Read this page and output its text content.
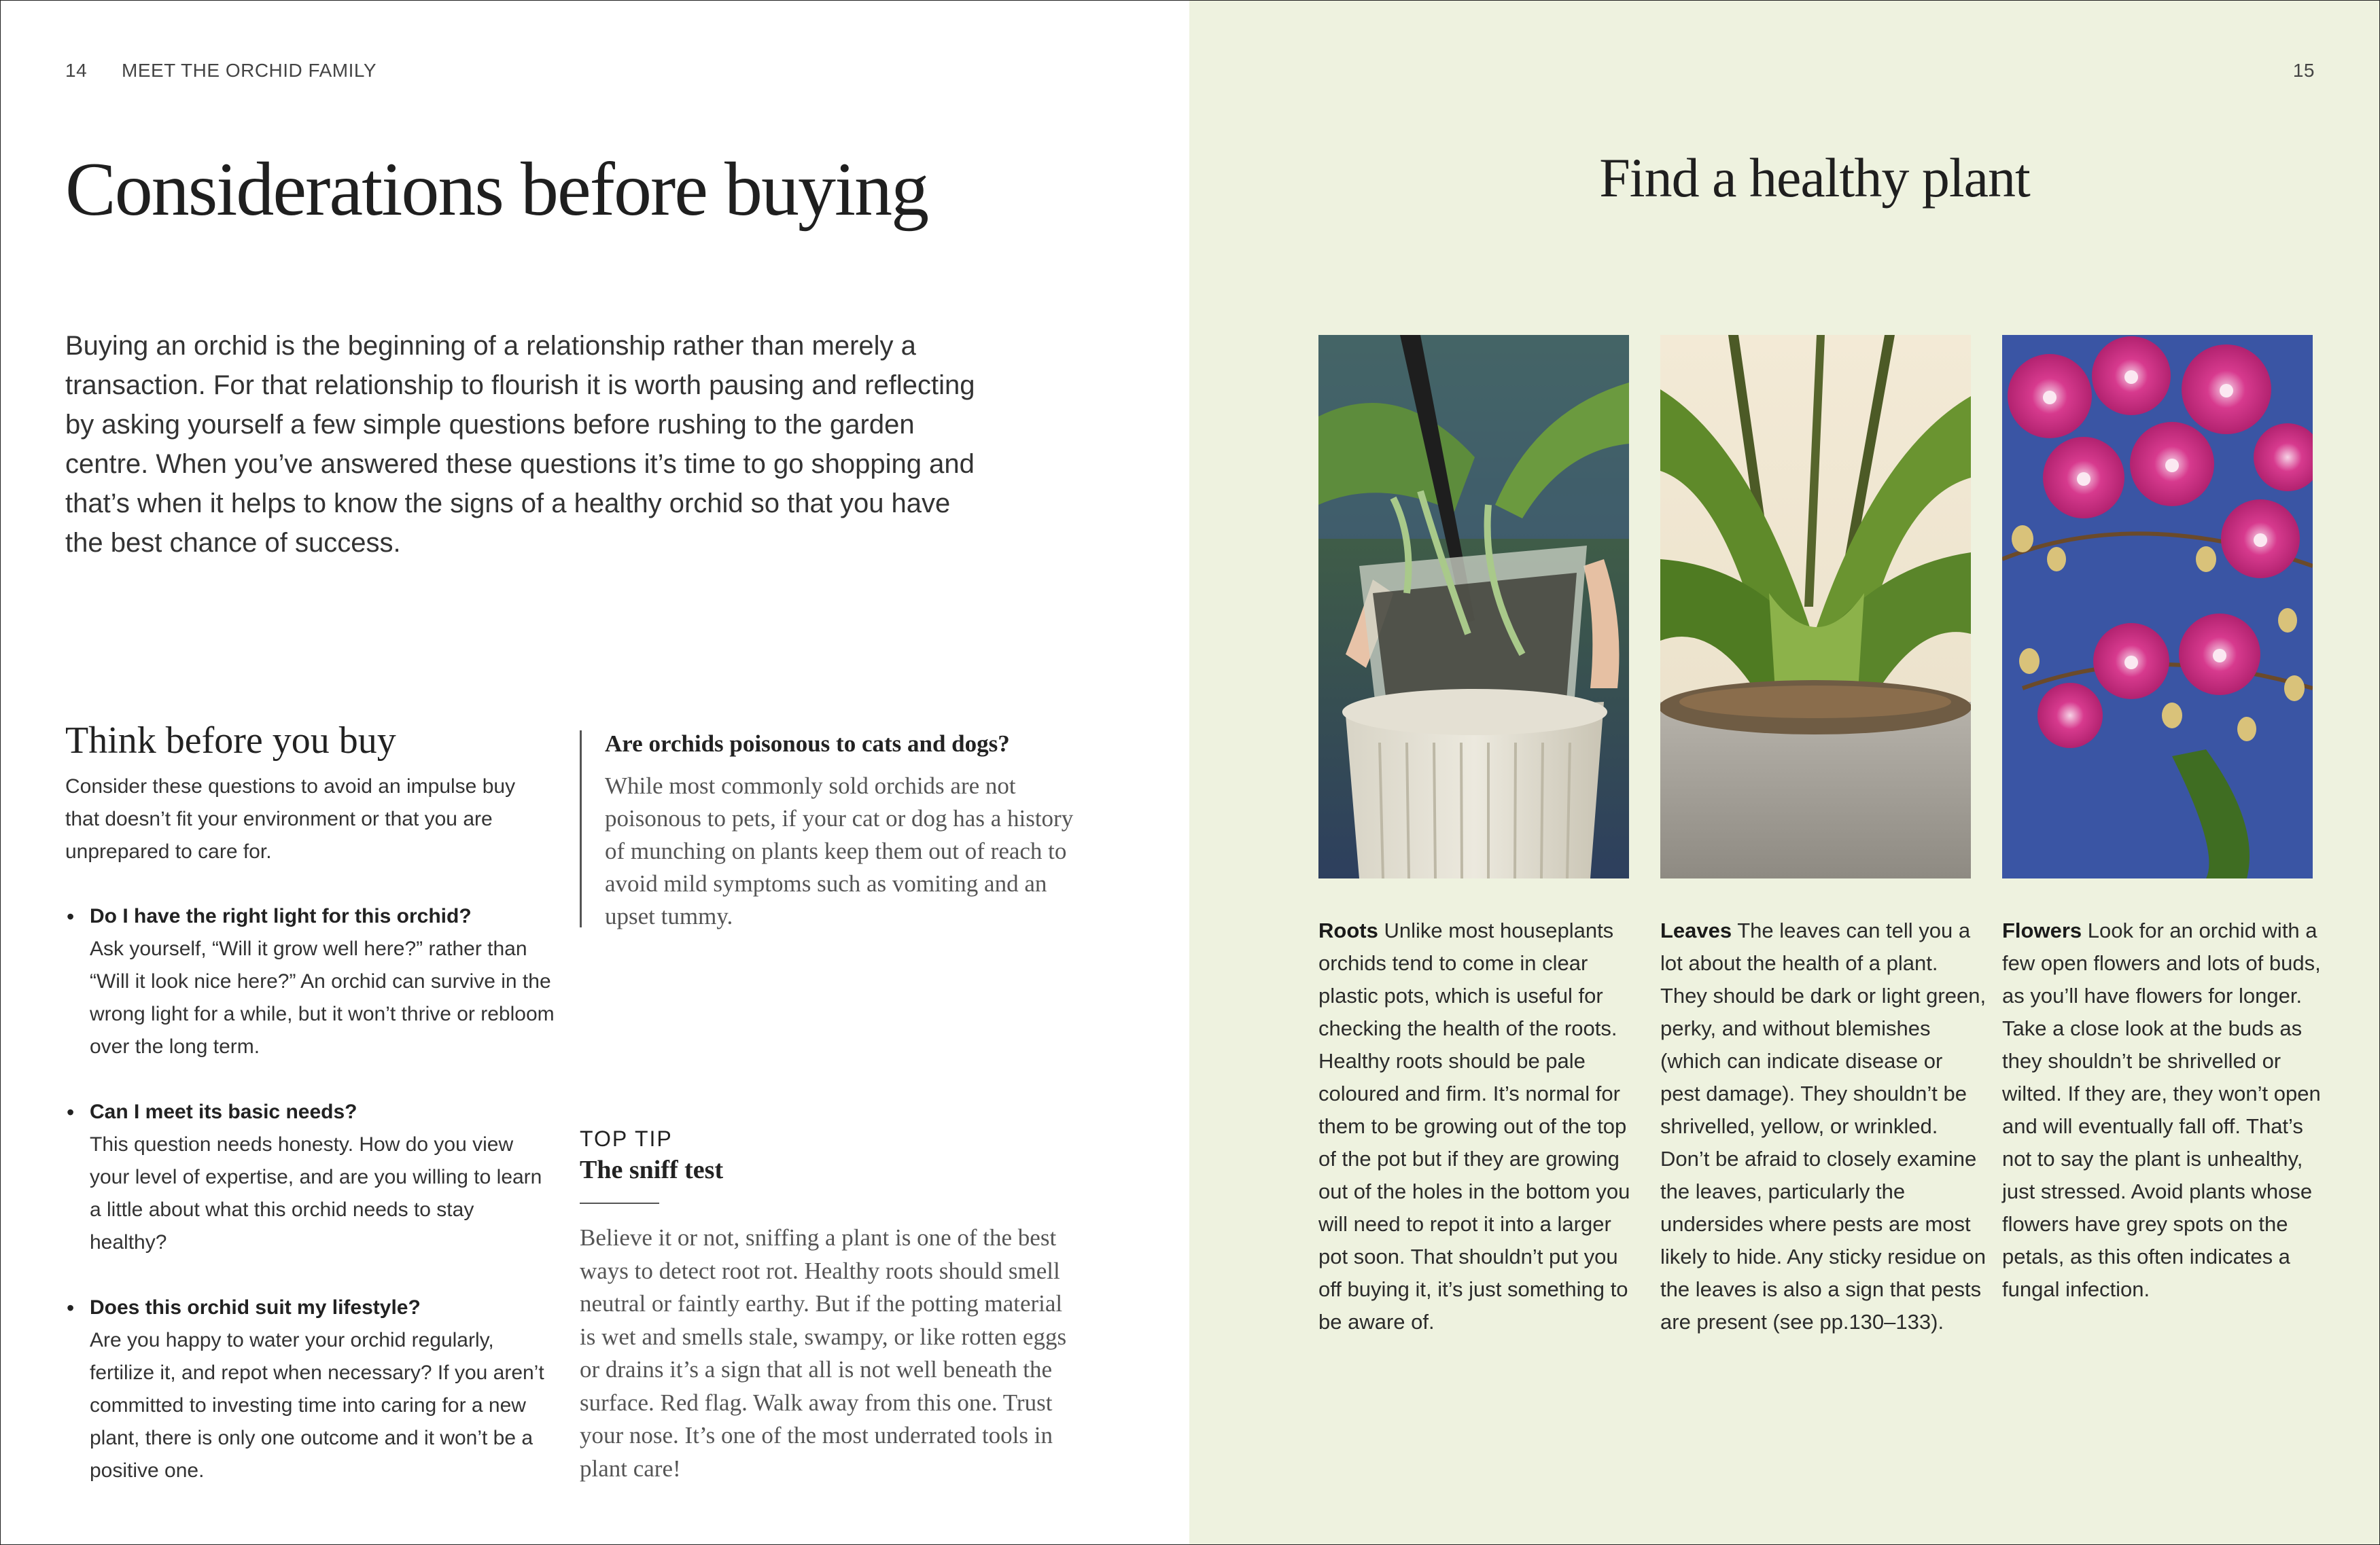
14 MEET THE ORCHID FAMILY
Considerations before buying

Buying an orchid is the beginning of a relationship rather than merely a transaction. For that relationship to flourish it is worth pausing and reflecting by asking yourself a few simple questions before rushing to the garden centre. When you’ve answered these questions it’s time to go shopping and that’s when it helps to know the signs of a healthy orchid so that you have the best chance of success.

Think before you buy

Consider these questions to avoid an impulse buy that doesn’t fit your environment or that you are unprepared to care for.

• Do I have the right light for this orchid?
Ask yourself, “Will it grow well here?” rather than “Will it look nice here?” An orchid can survive in the wrong light for a while, but it won’t thrive or rebloom over the long term.
• Can I meet its basic needs?
This question needs honesty. How do you view your level of expertise, and are you willing to learn a little about what this orchid needs to stay healthy?
• Does this orchid suit my lifestyle?
Are you happy to water your orchid regularly, fertilize it, and repot when necessary? If you aren’t committed to investing time into caring for a new plant, there is only one outcome and it won’t be a positive one.

Are orchids poisonous to cats and dogs?

While most commonly sold orchids are not poisonous to pets, if your cat or dog has a history of munching on plants keep them out of reach to avoid mild symptoms such as vomiting and an upset tummy.

TOP TIP
The sniff test

Believe it or not, sniffing a plant is one of the best ways to detect root rot. Healthy roots should smell neutral or faintly earthy. But if the potting material is wet and smells stale, swampy, or like rotten eggs or drains it’s a sign that all is not well beneath the surface. Red flag. Walk away from this one. Trust your nose. It’s one of the most underrated tools in plant care!

15
Find a healthy plant

Roots Unlike most houseplants orchids tend to come in clear plastic pots, which is useful for checking the health of the roots. Healthy roots should be pale coloured and firm. It’s normal for them to be growing out of the top of the pot but if they are growing out of the holes in the bottom you will need to repot it into a larger pot soon. That shouldn’t put you off buying it, it’s just something to be aware of.

Leaves The leaves can tell you a lot about the health of a plant. They should be dark or light green, perky, and without blemishes (which can indicate disease or pest damage). They shouldn’t be shrivelled, yellow, or wrinkled. Don’t be afraid to closely examine the leaves, particularly the undersides where pests are most likely to hide. Any sticky residue on the leaves is also a sign that pests are present (see pp.130–133).

Flowers Look for an orchid with a few open flowers and lots of buds, as you’ll have flowers for longer. Take a close look at the buds as they shouldn’t be shrivelled or wilted. If they are, they won’t open and will eventually fall off. That’s not to say the plant is unhealthy, just stressed. Avoid plants whose flowers have grey spots on the petals, as this often indicates a fungal infection.
